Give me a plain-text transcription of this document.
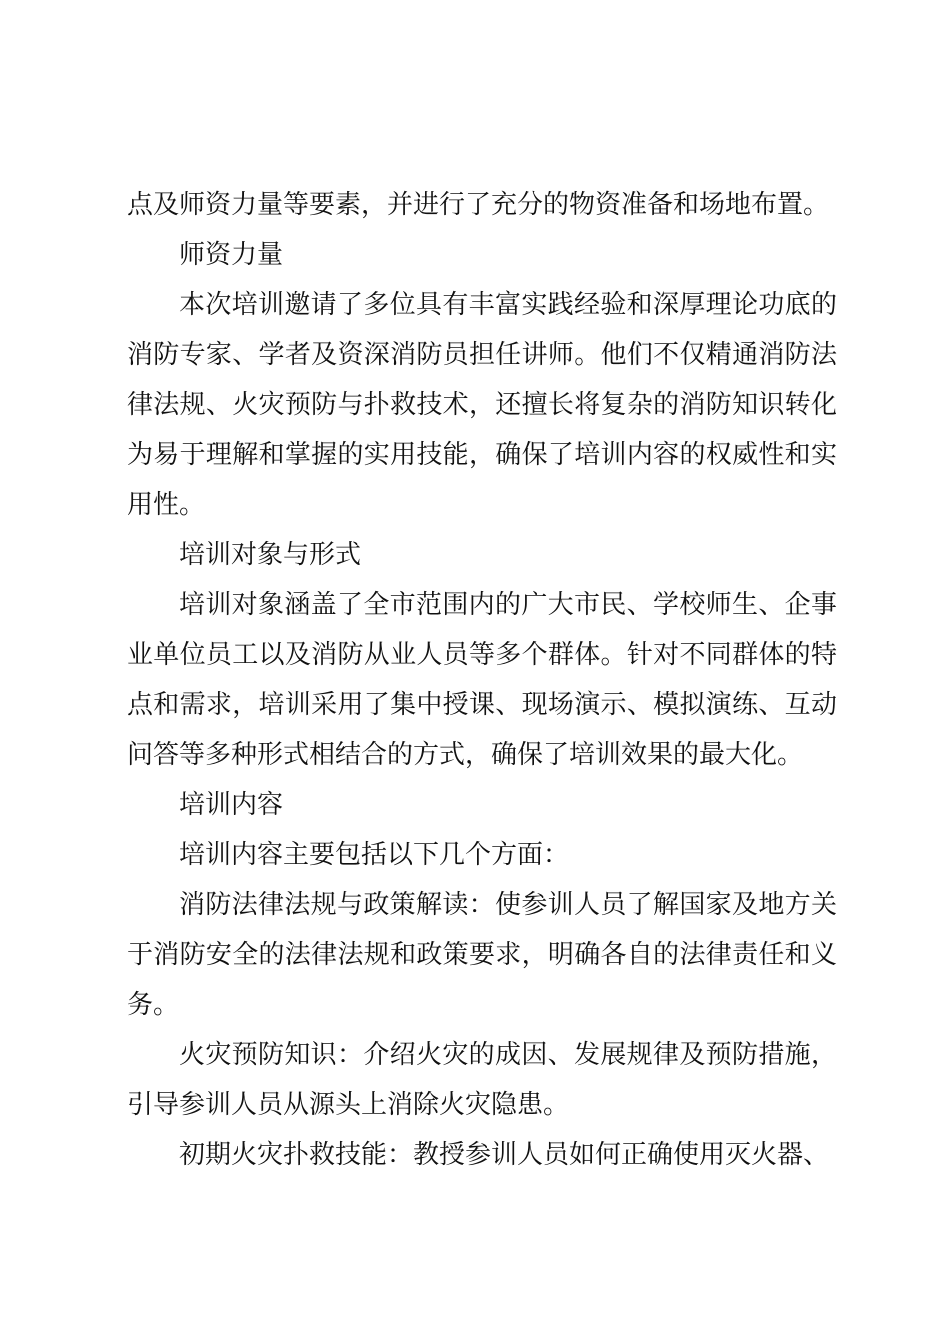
点及师资力量等要素，并进行了充分的物资准备和场地布置。

师资力量

本次培训邀请了多位具有丰富实践经验和深厚理论功底的消防专家、学者及资深消防员担任讲师。他们不仅精通消防法律法规、火灾预防与扑救技术，还擅长将复杂的消防知识转化为易于理解和掌握的实用技能，确保了培训内容的权威性和实用性。

培训对象与形式

培训对象涵盖了全市范围内的广大市民、学校师生、企事业单位员工以及消防从业人员等多个群体。针对不同群体的特点和需求，培训采用了集中授课、现场演示、模拟演练、互动问答等多种形式相结合的方式，确保了培训效果的最大化。

培训内容

培训内容主要包括以下几个方面：

消防法律法规与政策解读：使参训人员了解国家及地方关于消防安全的法律法规和政策要求，明确各自的法律责任和义务。

火灾预防知识：介绍火灾的成因、发展规律及预防措施，引导参训人员从源头上消除火灾隐患。

初期火灾扑救技能：教授参训人员如何正确使用灭火器、
